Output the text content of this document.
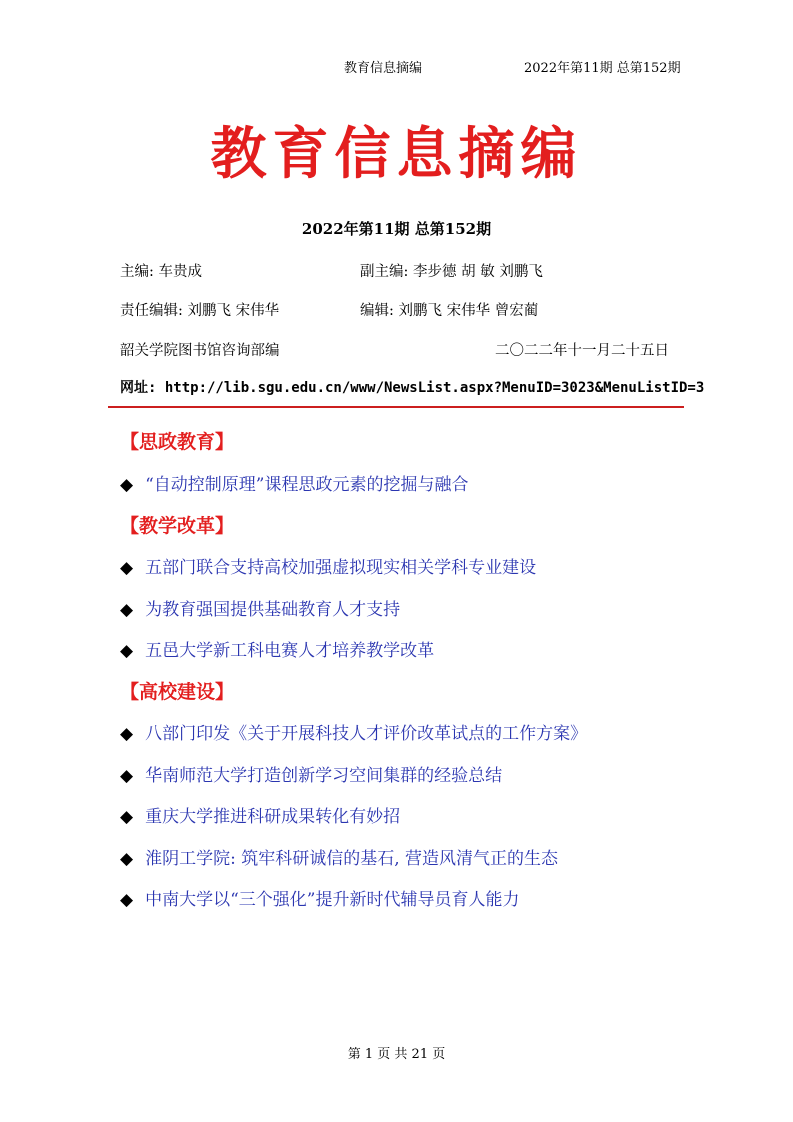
教育信息摘编	2022年第11期 总第152期
教育信息摘编
2022年第11期 总第152期
主编: 车贵成	副主编: 李步德 胡 敏 刘鹏飞
责任编辑: 刘鹏飞 宋伟华	编辑: 刘鹏飞 宋伟华 曾宏蔺
韶关学院图书馆咨询部编	二〇二二年十一月二十五日
网址: http://lib.sgu.edu.cn/www/NewsList.aspx?MenuID=3023&MenuListID=3
【思政教育】
◆ “自动控制原理”课程思政元素的挖掘与融合
【教学改革】
◆ 五部门联合支持高校加强虚拟现实相关学科专业建设
◆ 为教育强国提供基础教育人才支持
◆ 五邑大学新工科电赛人才培养教学改革
【高校建设】
◆ 八部门印发《关于开展科技人才评价改革试点的工作方案》
◆ 华南师范大学打造创新学习空间集群的经验总结
◆ 重庆大学推进科研成果转化有妙招
◆ 淮阴工学院: 筑牢科研诚信的基石, 营造风清气正的生态
◆ 中南大学以“三个强化”提升新时代辅导员育人能力
第 1 页 共 21 页
